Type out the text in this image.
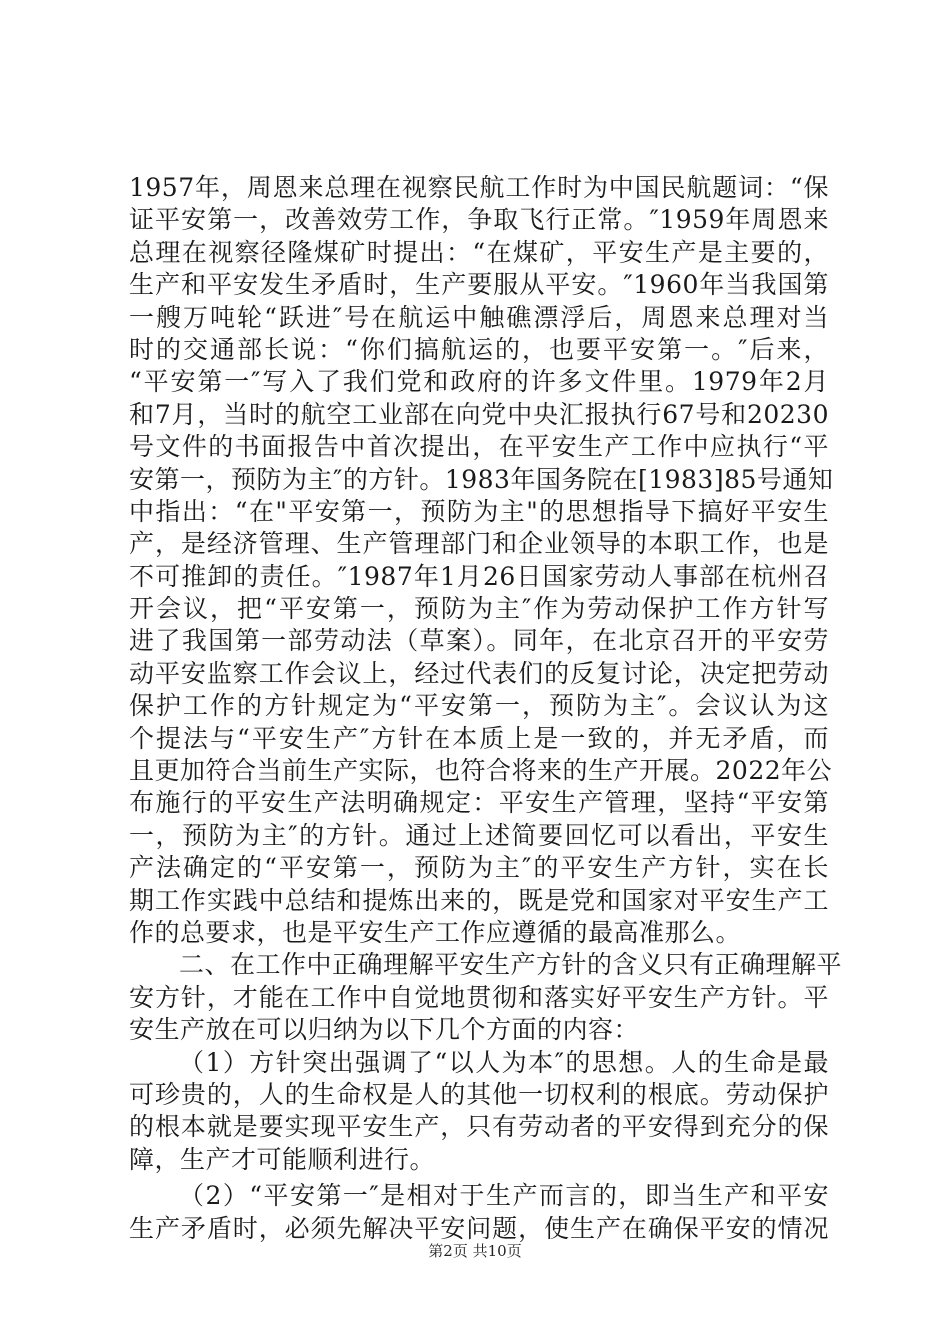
1957年，周恩来总理在视察民航工作时为中国民航题词：“保
证平安第一，改善效劳工作，争取飞行正常。″1959年周恩来
总理在视察径隆煤矿时提出：“在煤矿，平安生产是主要的，
生产和平安发生矛盾时，生产要服从平安。″1960年当我国第
一艘万吨轮“跃进″号在航运中触礁漂浮后，周恩来总理对当
时的交通部长说：“你们搞航运的，也要平安第一。″后来，
“平安第一″写入了我们党和政府的许多文件里。1979年2月
和7月，当时的航空工业部在向党中央汇报执行67号和20230
号文件的书面报告中首次提出，在平安生产工作中应执行“平
安第一，预防为主″的方针。1983年国务院在[1983]85号通知
中指出：“在"平安第一，预防为主"的思想指导下搞好平安生
产，是经济管理、生产管理部门和企业领导的本职工作，也是
不可推卸的责任。″1987年1月26日国家劳动人事部在杭州召
开会议，把“平安第一，预防为主″作为劳动保护工作方针写
进了我国第一部劳动法（草案）。同年，在北京召开的平安劳
动平安监察工作会议上，经过代表们的反复讨论，决定把劳动
保护工作的方针规定为“平安第一，预防为主″。会议认为这
个提法与“平安生产″方针在本质上是一致的，并无矛盾，而
且更加符合当前生产实际，也符合将来的生产开展。2022年公
布施行的平安生产法明确规定：平安生产管理，坚持“平安第
一，预防为主″的方针。通过上述简要回忆可以看出，平安生
产法确定的“平安第一，预防为主″的平安生产方针，实在长
期工作实践中总结和提炼出来的，既是党和国家对平安生产工
作的总要求，也是平安生产工作应遵循的最高准那么。
二、在工作中正确理解平安生产方针的含义只有正确理解平
安方针，才能在工作中自觉地贯彻和落实好平安生产方针。平
安生产放在可以归纳为以下几个方面的内容：
（1）方针突出强调了“以人为本″的思想。人的生命是最
可珍贵的，人的生命权是人的其他一切权利的根底。劳动保护
的根本就是要实现平安生产，只有劳动者的平安得到充分的保
障，生产才可能顺利进行。
（2）“平安第一″是相对于生产而言的，即当生产和平安
生产矛盾时，必须先解决平安问题，使生产在确保平安的情况
第2页 共10页
